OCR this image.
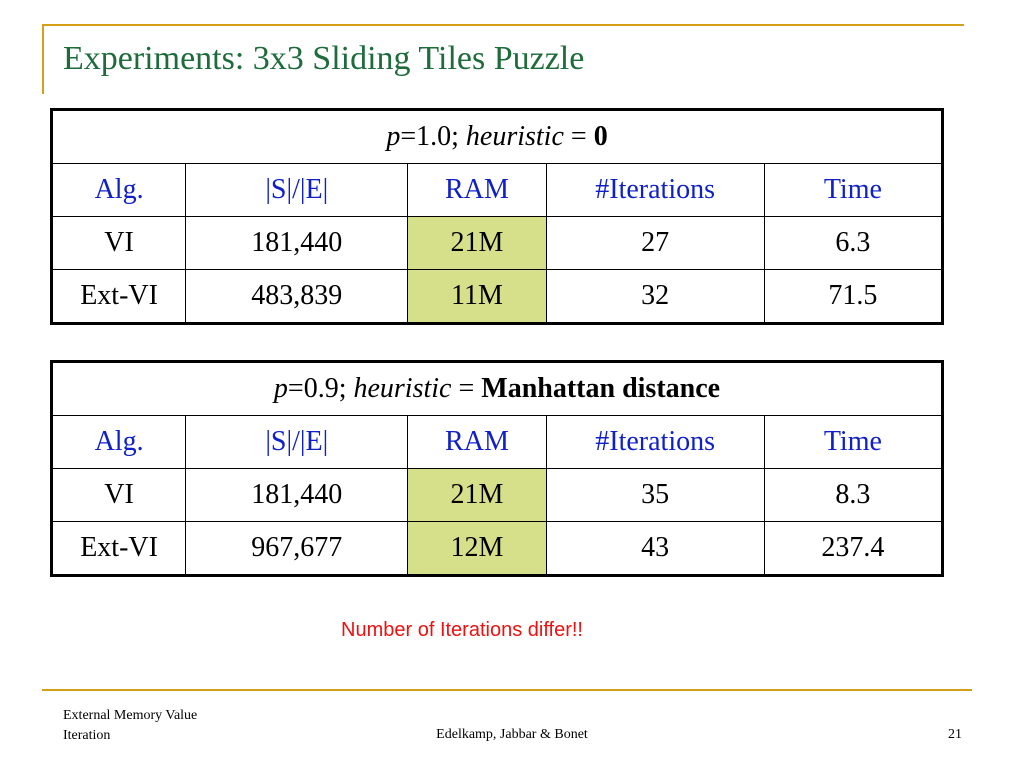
Experiments: 3x3 Sliding Tiles Puzzle
p=1.0; heuristic = 0				
Alg.	|S|/|E|	RAM	#Iterations	Time
VI	181,440	21M	27	6.3
Ext-VI	483,839	11M	32	71.5
p=0.9; heuristic = Manhattan distance				
Alg.	|S|/|E|	RAM	#Iterations	Time
VI	181,440	21M	35	8.3
Ext-VI	967,677	12M	43	237.4
Number of Iterations differ!!
External Memory Value
Iteration	Edelkamp, Jabbar & Bonet	21
